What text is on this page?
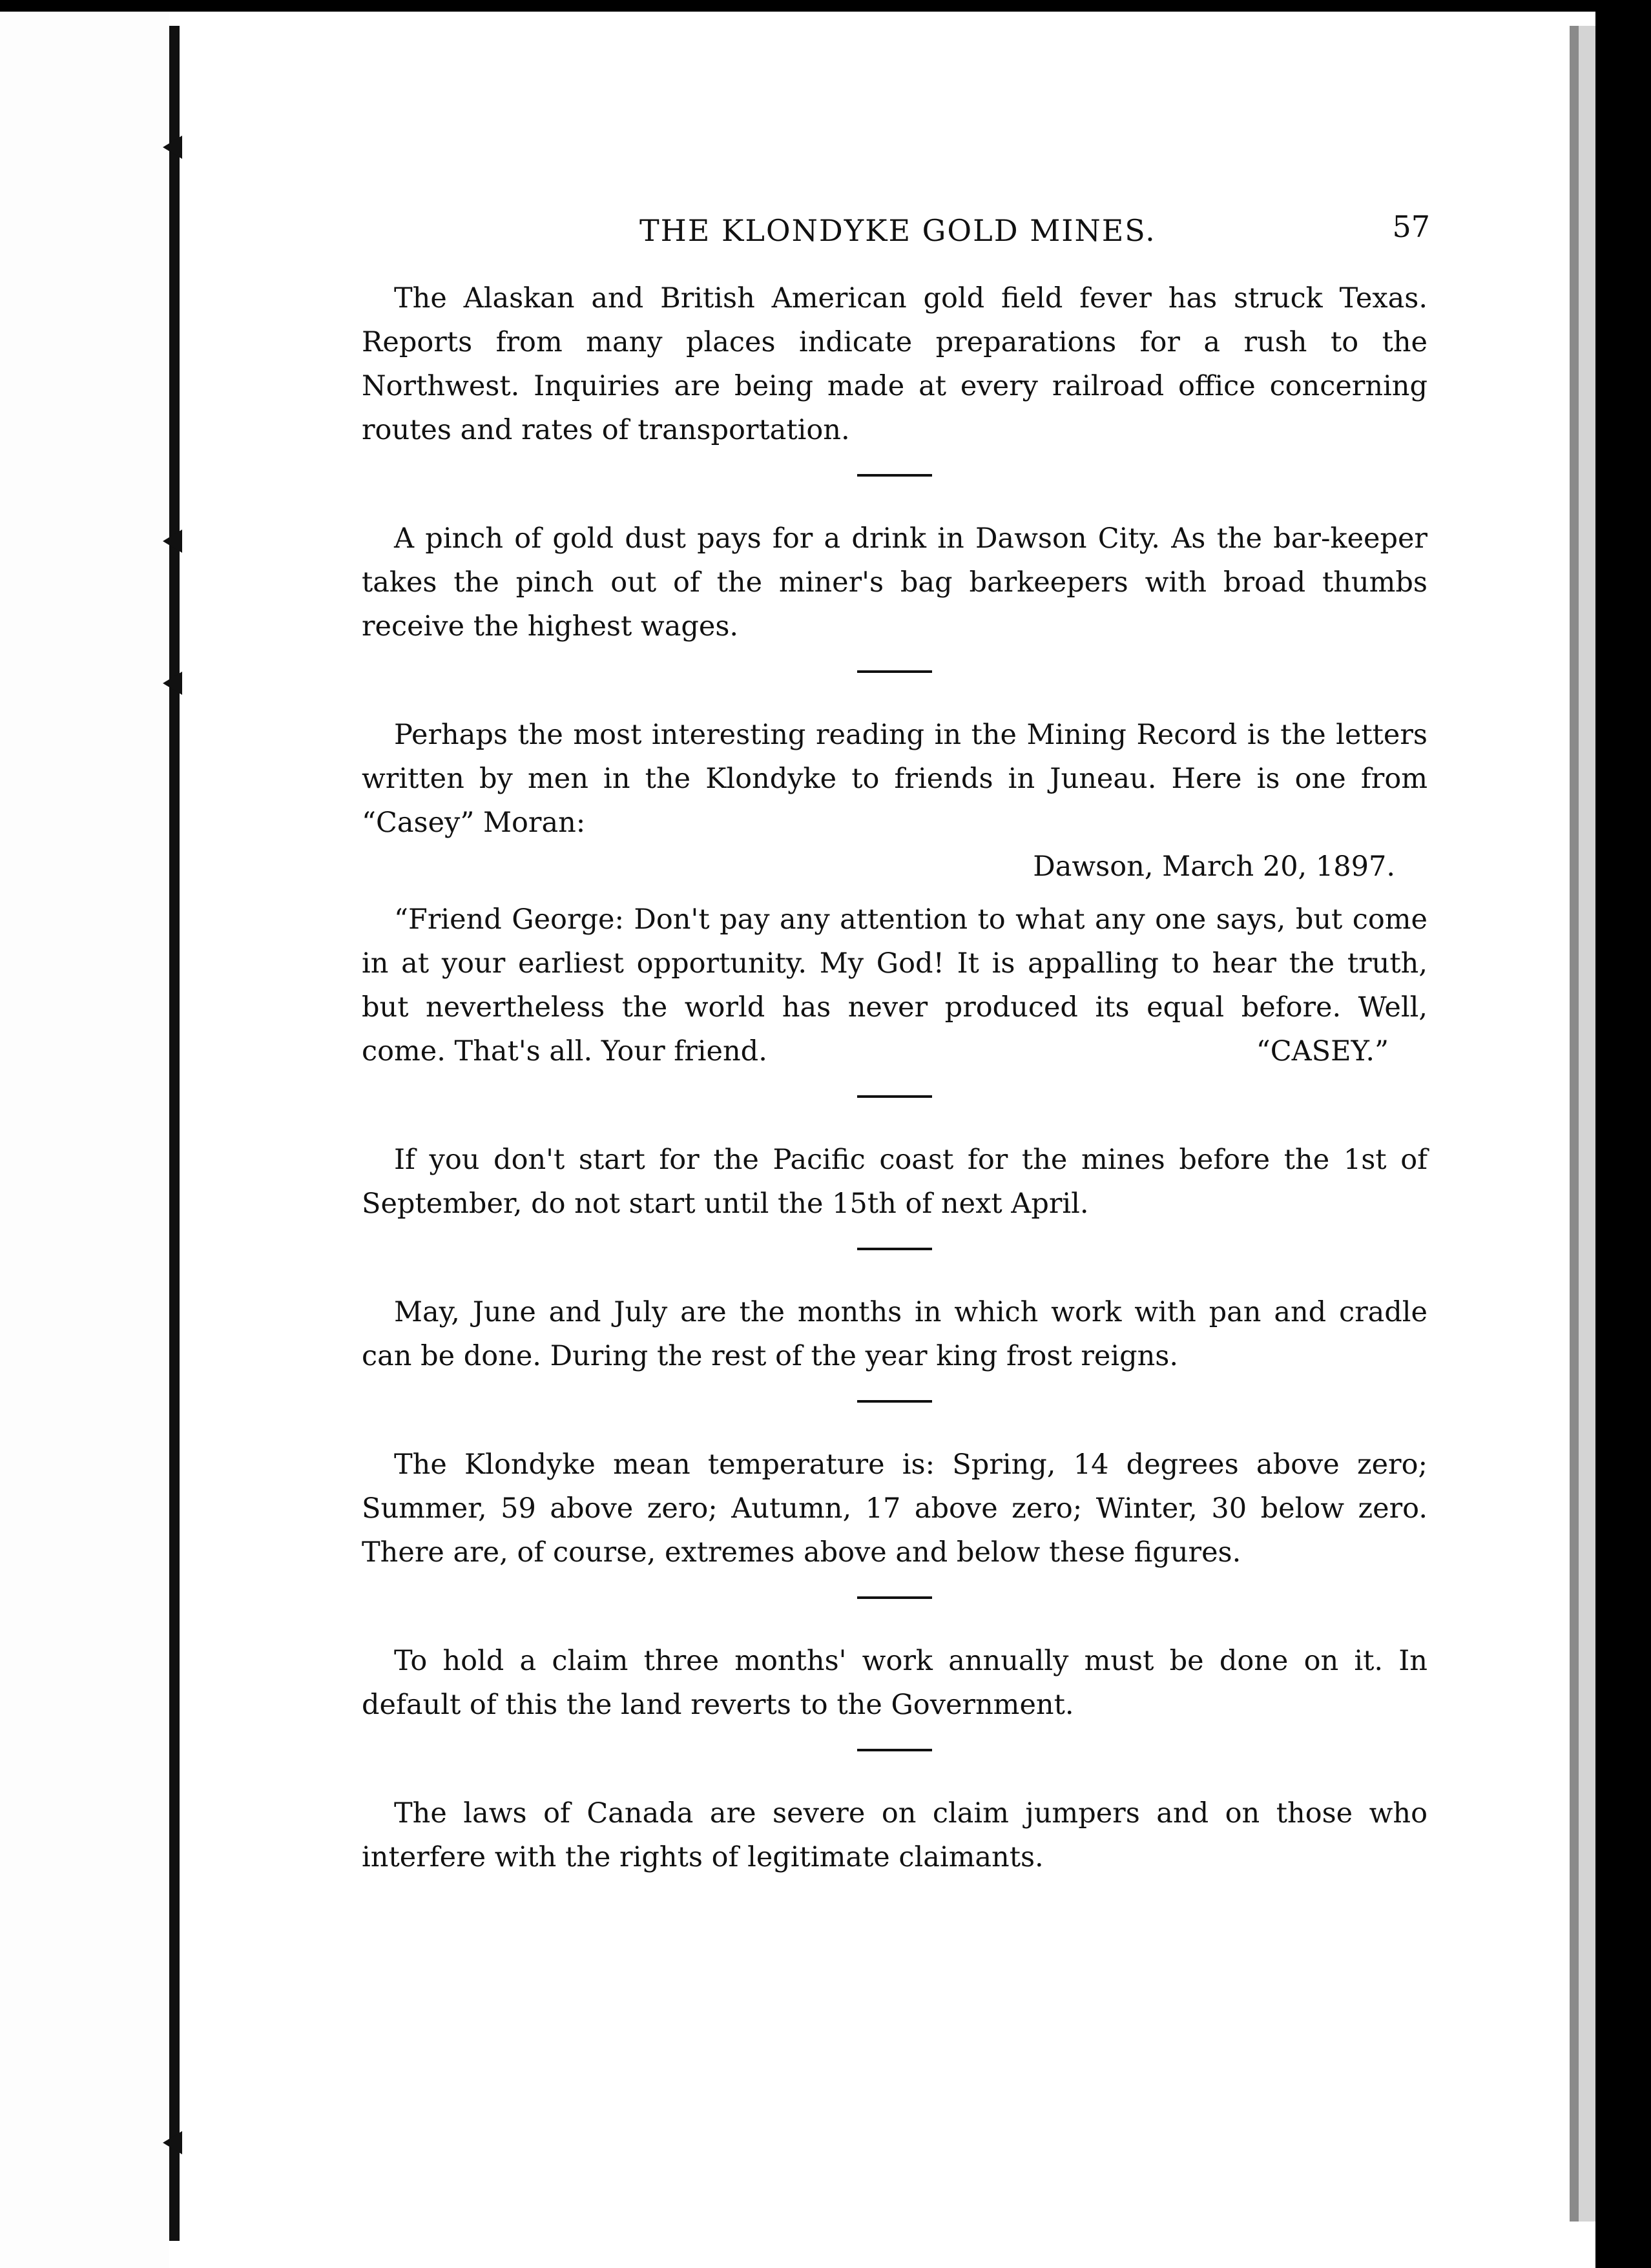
THE KLONDYKE GOLD MINES.	57

The Alaskan and British American gold field fever has struck Texas. Reports from many places indicate preparations for a rush to the Northwest. Inquiries are being made at every railroad office concerning routes and rates of transportation.

A pinch of gold dust pays for a drink in Dawson City. As the bar-keeper takes the pinch out of the miner's bag barkeepers with broad thumbs receive the highest wages.

Perhaps the most interesting reading in the Mining Record is the letters written by men in the Klondyke to friends in Juneau. Here is one from “Casey” Moran:

Dawson, March 20, 1897.

“Friend George: Don't pay any attention to what any one says, but come in at your earliest opportunity. My God! It is appalling to hear the truth, but nevertheless the world has never produced its equal before. Well, come. That's all. Your friend.	“CASEY.”

If you don't start for the Pacific coast for the mines before the 1st of September, do not start until the 15th of next April.

May, June and July are the months in which work with pan and cradle can be done. During the rest of the year king frost reigns.

The Klondyke mean temperature is: Spring, 14 degrees above zero; Summer, 59 above zero; Autumn, 17 above zero; Winter, 30 below zero. There are, of course, extremes above and below these figures.

To hold a claim three months' work annually must be done on it. In default of this the land reverts to the Government.

The laws of Canada are severe on claim jumpers and on those who interfere with the rights of legitimate claimants.
